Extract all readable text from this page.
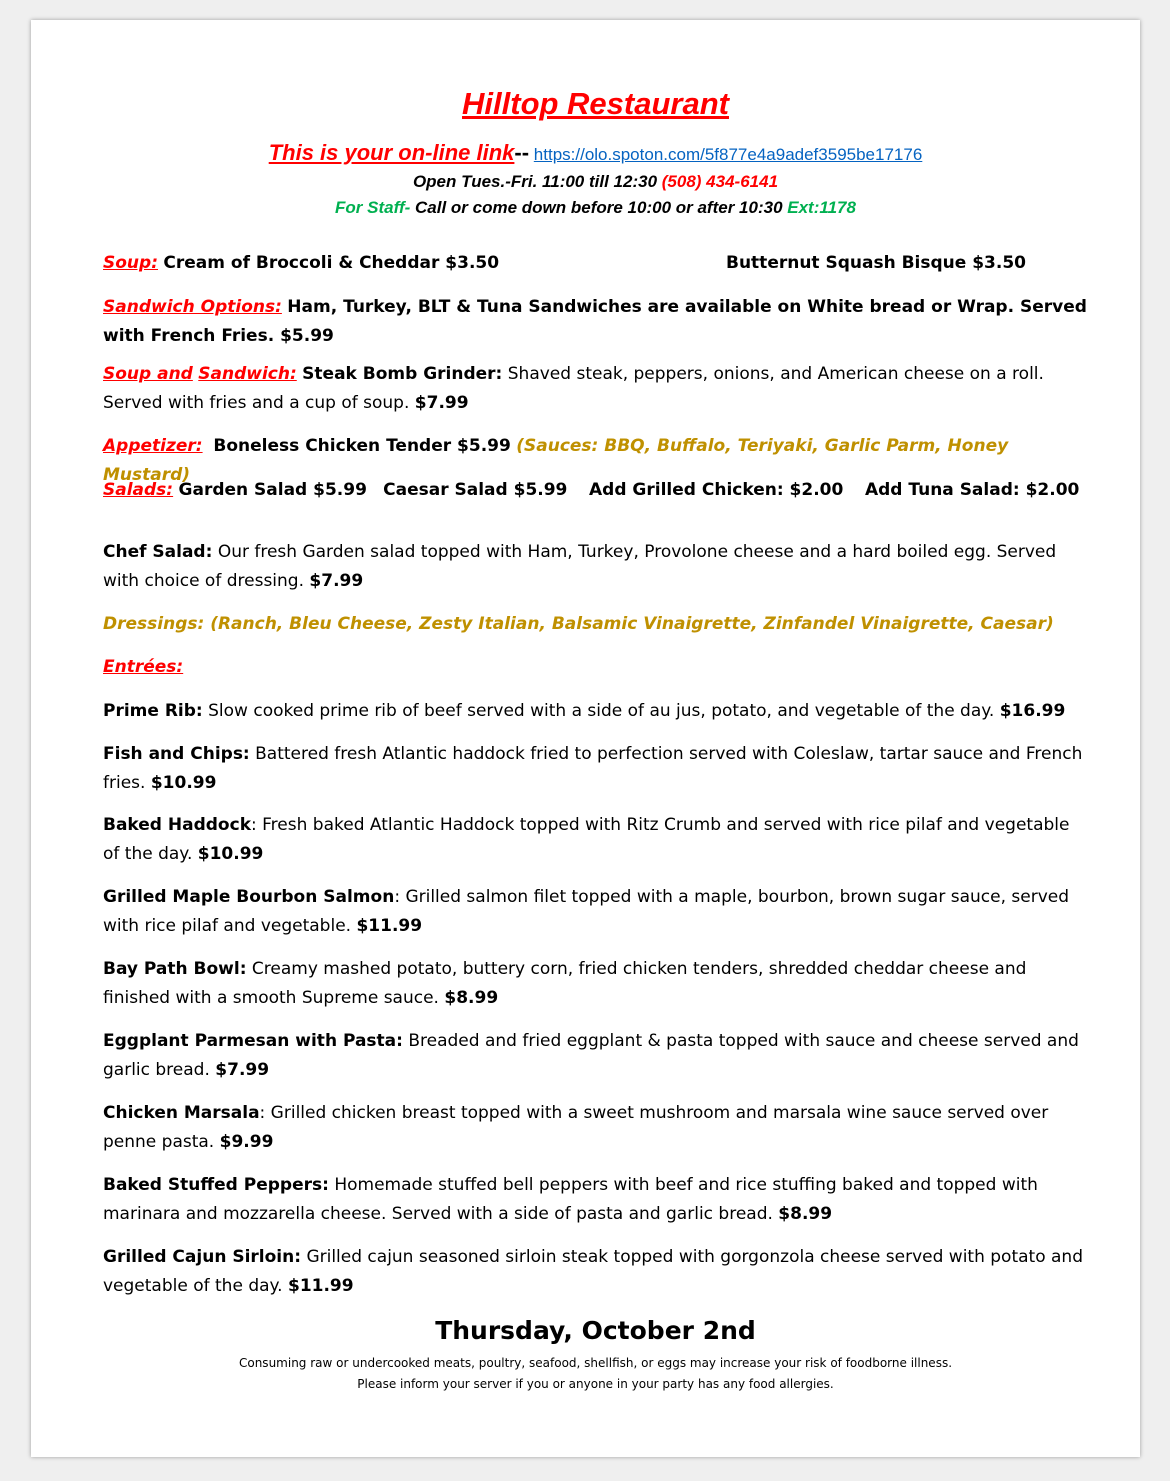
Hilltop Restaurant
This is your on-line link-- https://olo.spoton.com/5f877e4a9adef3595be17176
Open Tues.-Fri. 11:00 till 12:30 (508) 434-6141
For Staff- Call or come down before 10:00 or after 10:30 Ext:1178
Soup: Cream of Broccoli & Cheddar $3.50	Butternut Squash Bisque $3.50
Sandwich Options: Ham, Turkey, BLT & Tuna Sandwiches are available on White bread or Wrap. Served with French Fries. $5.99
Soup and Sandwich: Steak Bomb Grinder: Shaved steak, peppers, onions, and American cheese on a roll. Served with fries and a cup of soup. $7.99
Appetizer: Boneless Chicken Tender $5.99 (Sauces: BBQ, Buffalo, Teriyaki, Garlic Parm, Honey Mustard)
Salads: Garden Salad $5.99 Caesar Salad $5.99 Add Grilled Chicken: $2.00 Add Tuna Salad: $2.00
Chef Salad: Our fresh Garden salad topped with Ham, Turkey, Provolone cheese and a hard boiled egg. Served with choice of dressing. $7.99
Dressings: (Ranch, Bleu Cheese, Zesty Italian, Balsamic Vinaigrette, Zinfandel Vinaigrette, Caesar)
Entrées:
Prime Rib: Slow cooked prime rib of beef served with a side of au jus, potato, and vegetable of the day. $16.99
Fish and Chips: Battered fresh Atlantic haddock fried to perfection served with Coleslaw, tartar sauce and French fries. $10.99
Baked Haddock: Fresh baked Atlantic Haddock topped with Ritz Crumb and served with rice pilaf and vegetable of the day. $10.99
Grilled Maple Bourbon Salmon: Grilled salmon filet topped with a maple, bourbon, brown sugar sauce, served with rice pilaf and vegetable. $11.99
Bay Path Bowl: Creamy mashed potato, buttery corn, fried chicken tenders, shredded cheddar cheese and finished with a smooth Supreme sauce. $8.99
Eggplant Parmesan with Pasta: Breaded and fried eggplant & pasta topped with sauce and cheese served and garlic bread. $7.99
Chicken Marsala: Grilled chicken breast topped with a sweet mushroom and marsala wine sauce served over penne pasta. $9.99
Baked Stuffed Peppers: Homemade stuffed bell peppers with beef and rice stuffing baked and topped with marinara and mozzarella cheese. Served with a side of pasta and garlic bread. $8.99
Grilled Cajun Sirloin: Grilled cajun seasoned sirloin steak topped with gorgonzola cheese served with potato and vegetable of the day. $11.99
Thursday, October 2nd
Consuming raw or undercooked meats, poultry, seafood, shellfish, or eggs may increase your risk of foodborne illness.
Please inform your server if you or anyone in your party has any food allergies.
